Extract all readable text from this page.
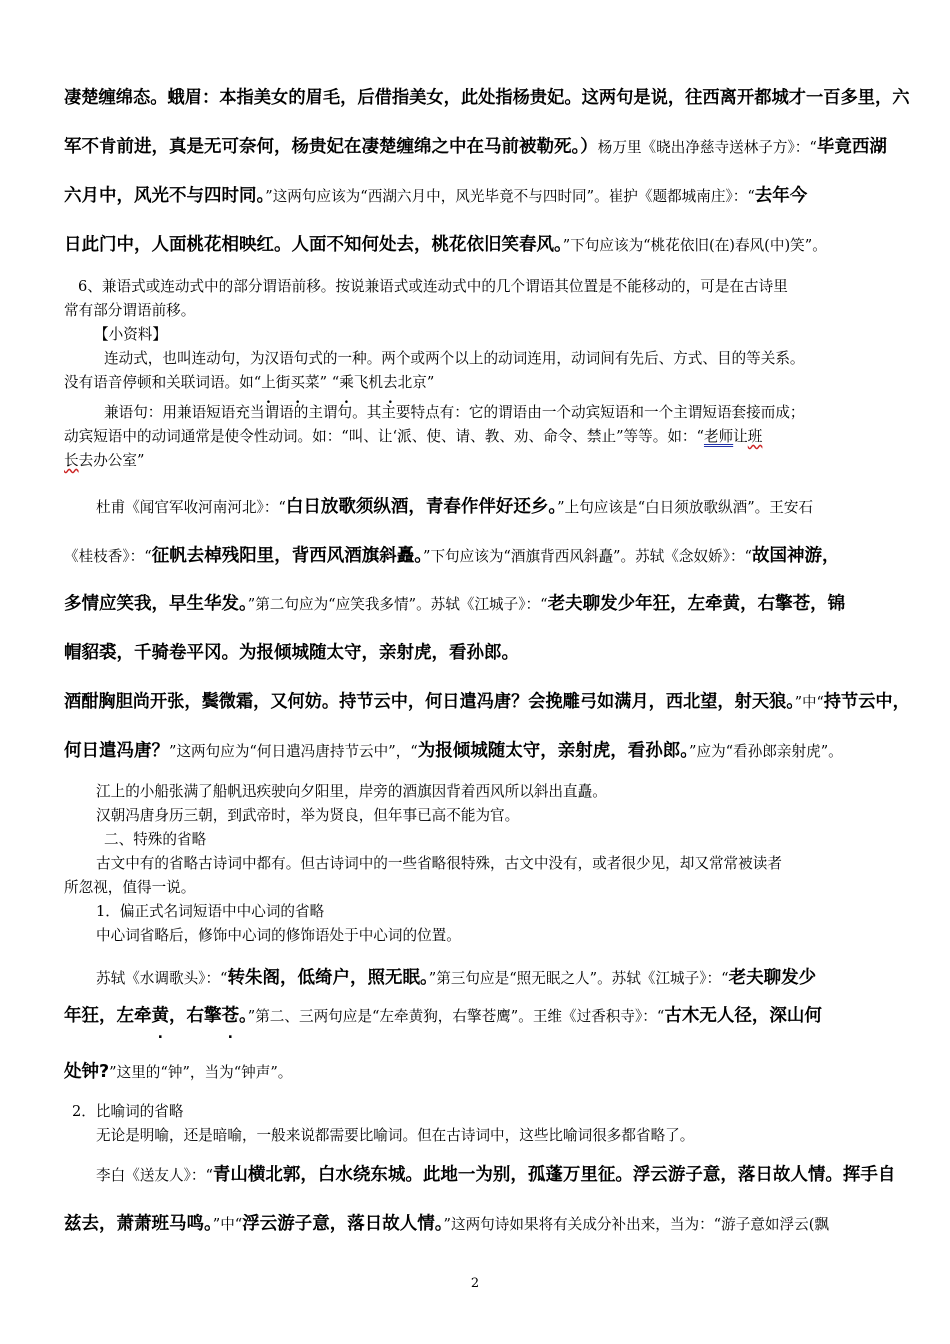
凄楚缠绵态。蛾眉：本指美女的眉毛，后借指美女，此处指杨贵妃。这两句是说，往西离开都城才一百多里，六
军不肯前进，真是无可奈何，杨贵妃在凄楚缠绵之中在马前被勒死。）杨万里《晓出净慈寺送林子方》：“毕竟西湖
六月中，风光不与四时同。”这两句应该为“西湖六月中，风光毕竟不与四时同”。崔护《题都城南庄》：“去年今
日此门中，人面桃花相映红。人面不知何处去，桃花依旧笑春风。”下句应该为“桃花依旧(在)春风(中)笑”。
6、兼语式或连动式中的部分谓语前移。按说兼语式或连动式中的几个谓语其位置是不能移动的，可是在古诗里
常有部分谓语前移。
【小资料】
连动式，也叫连动句，为汉语句式的一种。两个或两个以上的动词连用，动词间有先后、方式、目的等关系。
没有语音停顿和关联词语。如“上街买菜” “乘飞机去北京”
兼语句：用兼语短语充当谓语的主谓句。其主要特点有：它的谓语由一个动宾短语和一个主谓短语套接而成；
动宾短语中的动词通常是使令性动词。如：“叫、让‘派、使、请、教、劝、命令、禁止”等等。如：“老师让班
长去办公室”
杜甫《闻官军收河南河北》：“白日放歌须纵酒，青春作伴好还乡。”上句应该是“白日须放歌纵酒”。王安石
《桂枝香》：“征帆去棹残阳里，背西风酒旗斜矗。”下句应该为“酒旗背西风斜矗”。苏轼《念奴娇》：“故国神游，
多情应笑我，早生华发。”第二句应为“应笑我多情”。苏轼《江城子》：“老夫聊发少年狂，左牵黄，右擎苍，锦
帽貂裘，千骑卷平冈。为报倾城随太守，亲射虎，看孙郎。
酒酣胸胆尚开张，鬓微霜，又何妨。持节云中，何日遣冯唐？会挽雕弓如满月，西北望，射天狼。”中“持节云中，
何日遣冯唐？”这两句应为“何日遣冯唐持节云中”，“为报倾城随太守，亲射虎，看孙郎。”应为“看孙郎亲射虎”。
江上的小船张满了船帆迅疾驶向夕阳里，岸旁的酒旗因背着西风所以斜出直矗。
汉朝冯唐身历三朝，到武帝时，举为贤良，但年事已高不能为官。
二、特殊的省略
古文中有的省略古诗词中都有。但古诗词中的一些省略很特殊，古文中没有，或者很少见，却又常常被读者
所忽视，值得一说。
1．偏正式名词短语中中心词的省略
中心词省略后，修饰中心词的修饰语处于中心词的位置。
苏轼《水调歌头》：“转朱阁，低绮户，照无眠。”第三句应是“照无眠之人”。苏轼《江城子》：“老夫聊发少
年狂，左牵黄，右擎苍。”第二、三两句应是“左牵黄狗，右擎苍鹰”。王维《过香积寺》：“古木无人径，深山何
处钟?”这里的“钟”，当为“钟声”。
2．比喻词的省略
无论是明喻，还是暗喻，一般来说都需要比喻词。但在古诗词中，这些比喻词很多都省略了。
李白《送友人》：“青山横北郭，白水绕东城。此地一为别，孤蓬万里征。浮云游子意，落日故人情。挥手自
兹去，萧萧班马鸣。”中“浮云游子意，落日故人情。”这两句诗如果将有关成分补出来，当为：“游子意如浮云(飘
2
